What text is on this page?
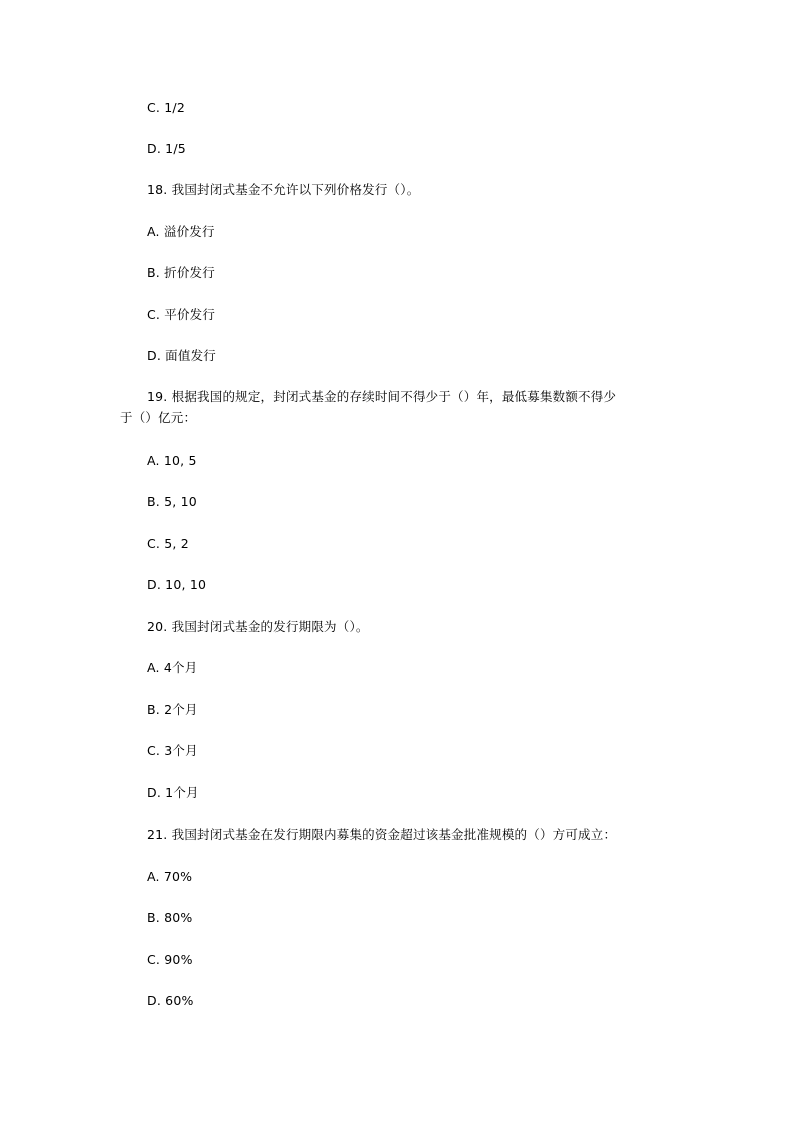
C. 1/2
D. 1/5
18. 我国封闭式基金不允许以下列价格发行（）。
A. 溢价发行
B. 折价发行
C. 平价发行
D. 面值发行
19. 根据我国的规定，封闭式基金的存续时间不得少于（）年，最低募集数额不得少
于（）亿元：
A. 10, 5
B. 5, 10
C. 5, 2
D. 10, 10
20. 我国封闭式基金的发行期限为（）。
A. 4个月
B. 2个月
C. 3个月
D. 1个月
21. 我国封闭式基金在发行期限内募集的资金超过该基金批准规模的（）方可成立：
A. 70%
B. 80%
C. 90%
D. 60%
